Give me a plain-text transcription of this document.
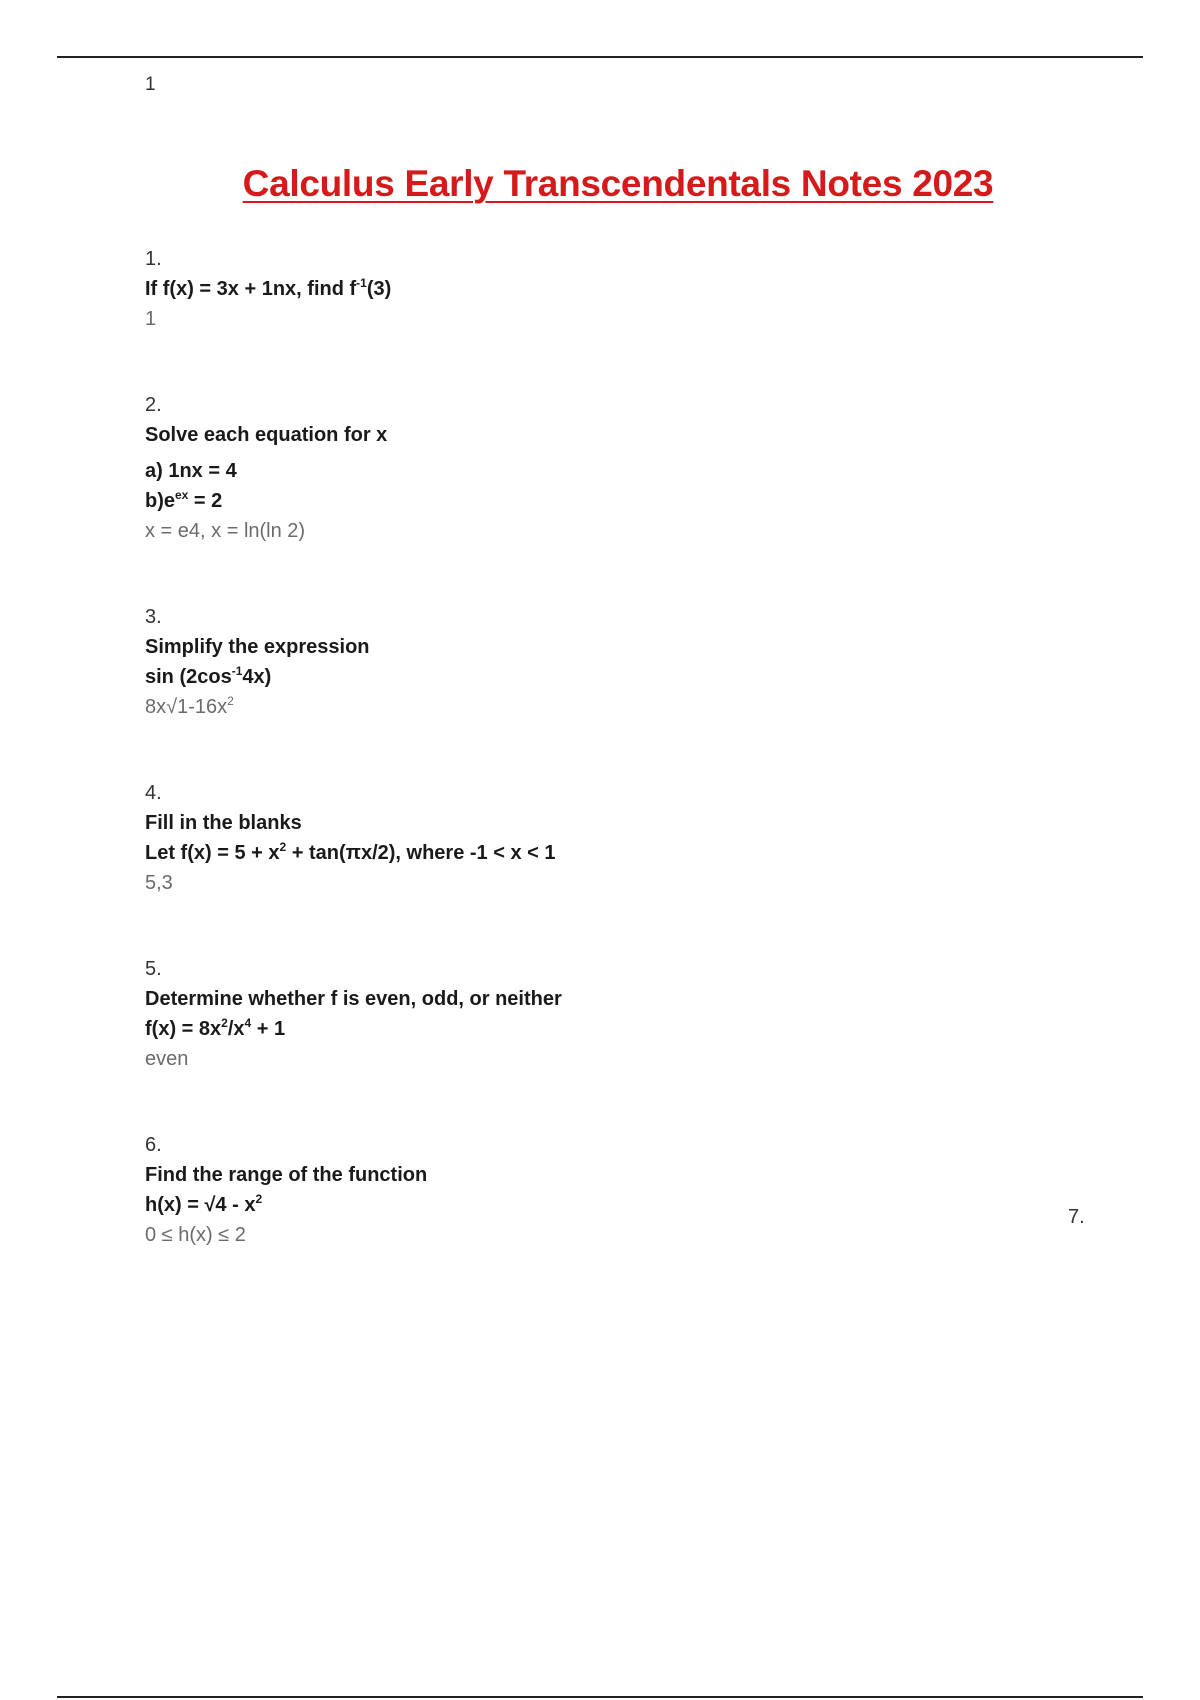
1
Calculus Early Transcendentals Notes 2023
1.
If f(x) = 3x + 1nx, find $f^{-1}(3)$
1
2.
Solve each equation for x
a) 1nx = 4
$b)e^{ex} = 2$
x = e4, x = ln(ln 2)
3.
Simplify the expression
$\sin (2\cos^{-1}4x)$
$8x√1-16x^2$
4.
Fill in the blanks
Let $f(x) = 5 + x^2 + \tan(\pi x/2)$, where -1 < x < 1
5,3
5.
Determine whether f is even, odd, or neither
$f(x) = 8x^2/x^4 + 1$
even
6.
Find the range of the function
$h(x) = √4 - x^2$
0 ≤ h(x) ≤ 2
7.
